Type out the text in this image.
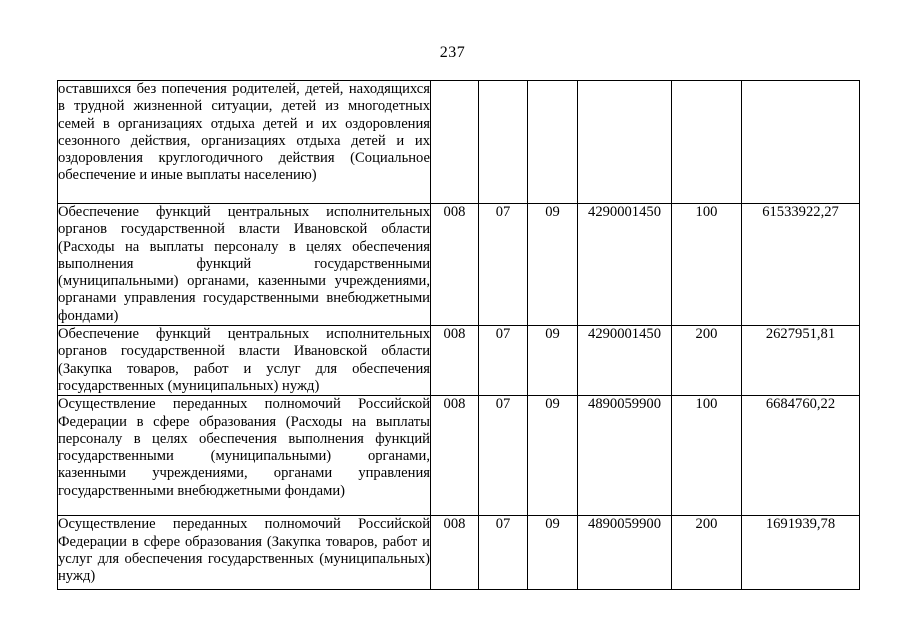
237
оставшихся без попечения родителей, детей, находящихся в трудной жизненной ситуации, детей из многодетных семей в организациях отдыха детей и их оздоровления сезонного действия, организациях отдыха детей и их оздоровления круглогодичного действия (Социальное обеспечение и иные выплаты населению)						
Обеспечение функций центральных исполнительных органов государственной власти Ивановской области (Расходы на выплаты персоналу в целях обеспечения выполнения функций государственными (муниципальными) органами, казенными учреждениями, органами управления государственными внебюджетными фондами)	008	07	09	4290001450	100	61533922,27
Обеспечение функций центральных исполнительных органов государственной власти Ивановской области (Закупка товаров, работ и услуг для обеспечения государственных (муниципальных) нужд)	008	07	09	4290001450	200	2627951,81
Осуществление переданных полномочий Российской Федерации в сфере образования (Расходы на выплаты персоналу в целях обеспечения выполнения функций государственными (муниципальными) органами, казенными учреждениями, органами управления государственными внебюджетными фондами)	008	07	09	4890059900	100	6684760,22
Осуществление переданных полномочий Российской Федерации в сфере образования (Закупка товаров, работ и услуг для обеспечения государственных (муниципальных) нужд)	008	07	09	4890059900	200	1691939,78
